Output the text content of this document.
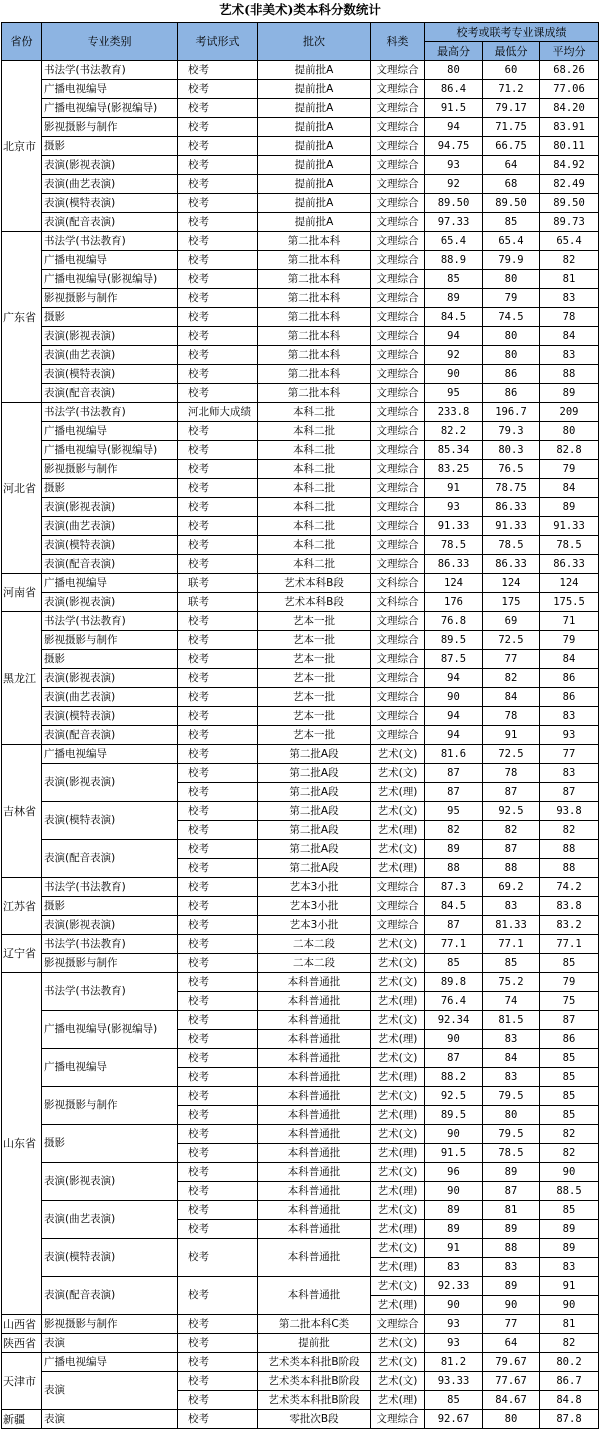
艺术(非美术)类本科分数统计
省份	专业类别	考试形式	批次	科类	校考或联考专业课成绩		
					最高分	最低分	平均分
北京市	书法学(书法教育)	校考	提前批A	文理综合	80	60	68.26
	广播电视编导	校考	提前批A	文理综合	86.4	71.2	77.06
	广播电视编导(影视编导)	校考	提前批A	文理综合	91.5	79.17	84.20
	影视摄影与制作	校考	提前批A	文理综合	94	71.75	83.91
	摄影	校考	提前批A	文理综合	94.75	66.75	80.11
	表演(影视表演)	校考	提前批A	文理综合	93	64	84.92
	表演(曲艺表演)	校考	提前批A	文理综合	92	68	82.49
	表演(模特表演)	校考	提前批A	文理综合	89.50	89.50	89.50
	表演(配音表演)	校考	提前批A	文理综合	97.33	85	89.73
广东省	书法学(书法教育)	校考	第二批本科	文理综合	65.4	65.4	65.4
	广播电视编导	校考	第二批本科	文理综合	88.9	79.9	82
	广播电视编导(影视编导)	校考	第二批本科	文理综合	85	80	81
	影视摄影与制作	校考	第二批本科	文理综合	89	79	83
	摄影	校考	第二批本科	文理综合	84.5	74.5	78
	表演(影视表演)	校考	第二批本科	文理综合	94	80	84
	表演(曲艺表演)	校考	第二批本科	文理综合	92	80	83
	表演(模特表演)	校考	第二批本科	文理综合	90	86	88
	表演(配音表演)	校考	第二批本科	文理综合	95	86	89
河北省	书法学(书法教育)	河北师大成绩	本科二批	文理综合	233.8	196.7	209
	广播电视编导	校考	本科二批	文理综合	82.2	79.3	80
	广播电视编导(影视编导)	校考	本科二批	文理综合	85.34	80.3	82.8
	影视摄影与制作	校考	本科二批	文理综合	83.25	76.5	79
	摄影	校考	本科二批	文理综合	91	78.75	84
	表演(影视表演)	校考	本科二批	文理综合	93	86.33	89
	表演(曲艺表演)	校考	本科二批	文理综合	91.33	91.33	91.33
	表演(模特表演)	校考	本科二批	文理综合	78.5	78.5	78.5
	表演(配音表演)	校考	本科二批	文理综合	86.33	86.33	86.33
河南省	广播电视编导	联考	艺术本科B段	文科综合	124	124	124
	表演(影视表演)	联考	艺术本科B段	文科综合	176	175	175.5
黑龙江	书法学(书法教育)	校考	艺本一批	文理综合	76.8	69	71
	影视摄影与制作	校考	艺本一批	文理综合	89.5	72.5	79
	摄影	校考	艺本一批	文理综合	87.5	77	84
	表演(影视表演)	校考	艺本一批	文理综合	94	82	86
	表演(曲艺表演)	校考	艺本一批	文理综合	90	84	86
	表演(模特表演)	校考	艺本一批	文理综合	94	78	83
	表演(配音表演)	校考	艺本一批	文理综合	94	91	93
吉林省	广播电视编导	校考	第二批A段	艺术(文)	81.6	72.5	77
	表演(影视表演)	校考	第二批A段	艺术(文)	87	78	83
		校考	第二批A段	艺术(理)	87	87	87
	表演(模特表演)	校考	第二批A段	艺术(文)	95	92.5	93.8
		校考	第二批A段	艺术(理)	82	82	82
	表演(配音表演)	校考	第二批A段	艺术(文)	89	87	88
		校考	第二批A段	艺术(理)	88	88	88
江苏省	书法学(书法教育)	校考	艺本3小批	文理综合	87.3	69.2	74.2
	摄影	校考	艺本3小批	文理综合	84.5	83	83.8
	表演(影视表演)	校考	艺本3小批	文理综合	87	81.33	83.2
辽宁省	书法学(书法教育)	校考	二本二段	艺术(文)	77.1	77.1	77.1
	影视摄影与制作	校考	二本二段	艺术(文)	85	85	85
山东省	书法学(书法教育)	校考	本科普通批	艺术(文)	89.8	75.2	79
		校考	本科普通批	艺术(理)	76.4	74	75
	广播电视编导(影视编导)	校考	本科普通批	艺术(文)	92.34	81.5	87
		校考	本科普通批	艺术(理)	90	83	86
	广播电视编导	校考	本科普通批	艺术(文)	87	84	85
		校考	本科普通批	艺术(理)	88.2	83	85
	影视摄影与制作	校考	本科普通批	艺术(文)	92.5	79.5	85
		校考	本科普通批	艺术(理)	89.5	80	85
	摄影	校考	本科普通批	艺术(文)	90	79.5	82
		校考	本科普通批	艺术(理)	91.5	78.5	82
	表演(影视表演)	校考	本科普通批	艺术(文)	96	89	90
		校考	本科普通批	艺术(理)	90	87	88.5
	表演(曲艺表演)	校考	本科普通批	艺术(文)	89	81	85
		校考	本科普通批	艺术(理)	89	89	89
	表演(模特表演)	校考	本科普通批	艺术(文)	91	88	89
				艺术(理)	83	83	83
	表演(配音表演)	校考	本科普通批	艺术(文)	92.33	89	91
				艺术(理)	90	90	90
山西省	影视摄影与制作	校考	第二批本科C类	文理综合	93	77	81
陕西省	表演	校考	提前批	艺术(文)	93	64	82
天津市	广播电视编导	校考	艺术类本科批B阶段	艺术(文)	81.2	79.67	80.2
	表演	校考	艺术类本科批B阶段	艺术(文)	93.33	77.67	86.7
		校考	艺术类本科批B阶段	艺术(理)	85	84.67	84.8
新疆	表演	校考	零批次B段	文理综合	92.67	80	87.8
